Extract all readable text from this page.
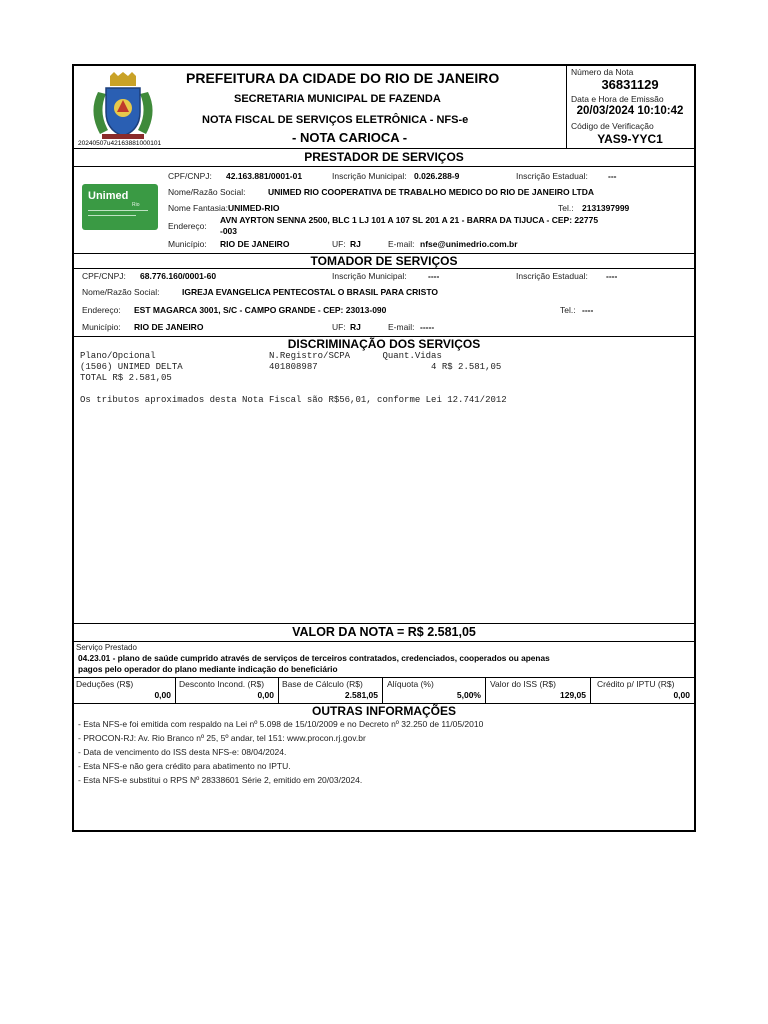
20240507u42163881000101
PREFEITURA DA CIDADE DO RIO DE JANEIRO
SECRETARIA MUNICIPAL DE FAZENDA
NOTA FISCAL DE SERVIÇOS ELETRÔNICA - NFS-e
- NOTA CARIOCA -
Número da Nota
36831129
Data e Hora de Emissão
20/03/2024 10:10:42
Código de Verificação
YAS9-YYC1
PRESTADOR DE SERVIÇOS
Unimed
Rio
CPF/CNPJ: 42.163.881/0001-01	Inscrição Municipal: 0.026.288-9	Inscrição Estadual: ---
Nome/Razão Social:	UNIMED RIO COOPERATIVA DE TRABALHO MEDICO DO RIO DE JANEIRO LTDA
Nome Fantasia: UNIMED-RIO	Tel.: 2131397999
Endereço:
AVN AYRTON SENNA 2500, BLC 1 LJ 101 A 107 SL 201 A 21 - BARRA DA TIJUCA - CEP: 22775
-003
Município: RIO DE JANEIRO	UF: RJ	E-mail: nfse@unimedrio.com.br
TOMADOR DE SERVIÇOS
CPF/CNPJ: 68.776.160/0001-60	Inscrição Municipal:	----	Inscrição Estadual: ----
Nome/Razão Social:	IGREJA EVANGELICA PENTECOSTAL O BRASIL PARA CRISTO
Endereço: EST MAGARCA 3001, S/C - CAMPO GRANDE - CEP: 23013-090	Tel.: ----
Município: RIO DE JANEIRO	UF: RJ	E-mail: -----
DISCRIMINAÇÃO DOS SERVIÇOS
Plano/Opcional                     N.Registro/SCPA      Quant.Vidas
(1506) UNIMED DELTA                401808987                     4 R$ 2.581,05
TOTAL R$ 2.581,05
Os tributos aproximados desta Nota Fiscal são R$56,01, conforme Lei 12.741/2012
VALOR DA NOTA = R$ 2.581,05
Serviço Prestado
04.23.01 - plano de saúde cumprido através de serviços de terceiros contratados, credenciados, cooperados ou apenas
pagos pelo operador do plano mediante indicação do beneficiário
Deduções (R$)
0,00
Desconto Incond. (R$)
0,00
Base de Cálculo (R$)
2.581,05
Alíquota (%)
5,00%
Valor do ISS (R$)
129,05
Crédito p/ IPTU (R$)
0,00
OUTRAS INFORMAÇÕES
- Esta NFS-e foi emitida com respaldo na Lei nº 5.098 de 15/10/2009 e no Decreto nº 32.250 de 11/05/2010
- PROCON-RJ: Av. Rio Branco nº 25, 5º andar, tel 151: www.procon.rj.gov.br
- Data de vencimento do ISS desta NFS-e: 08/04/2024.
- Esta NFS-e não gera crédito para abatimento no IPTU.
- Esta NFS-e substitui o RPS Nº 28338601 Série 2, emitido em 20/03/2024.
